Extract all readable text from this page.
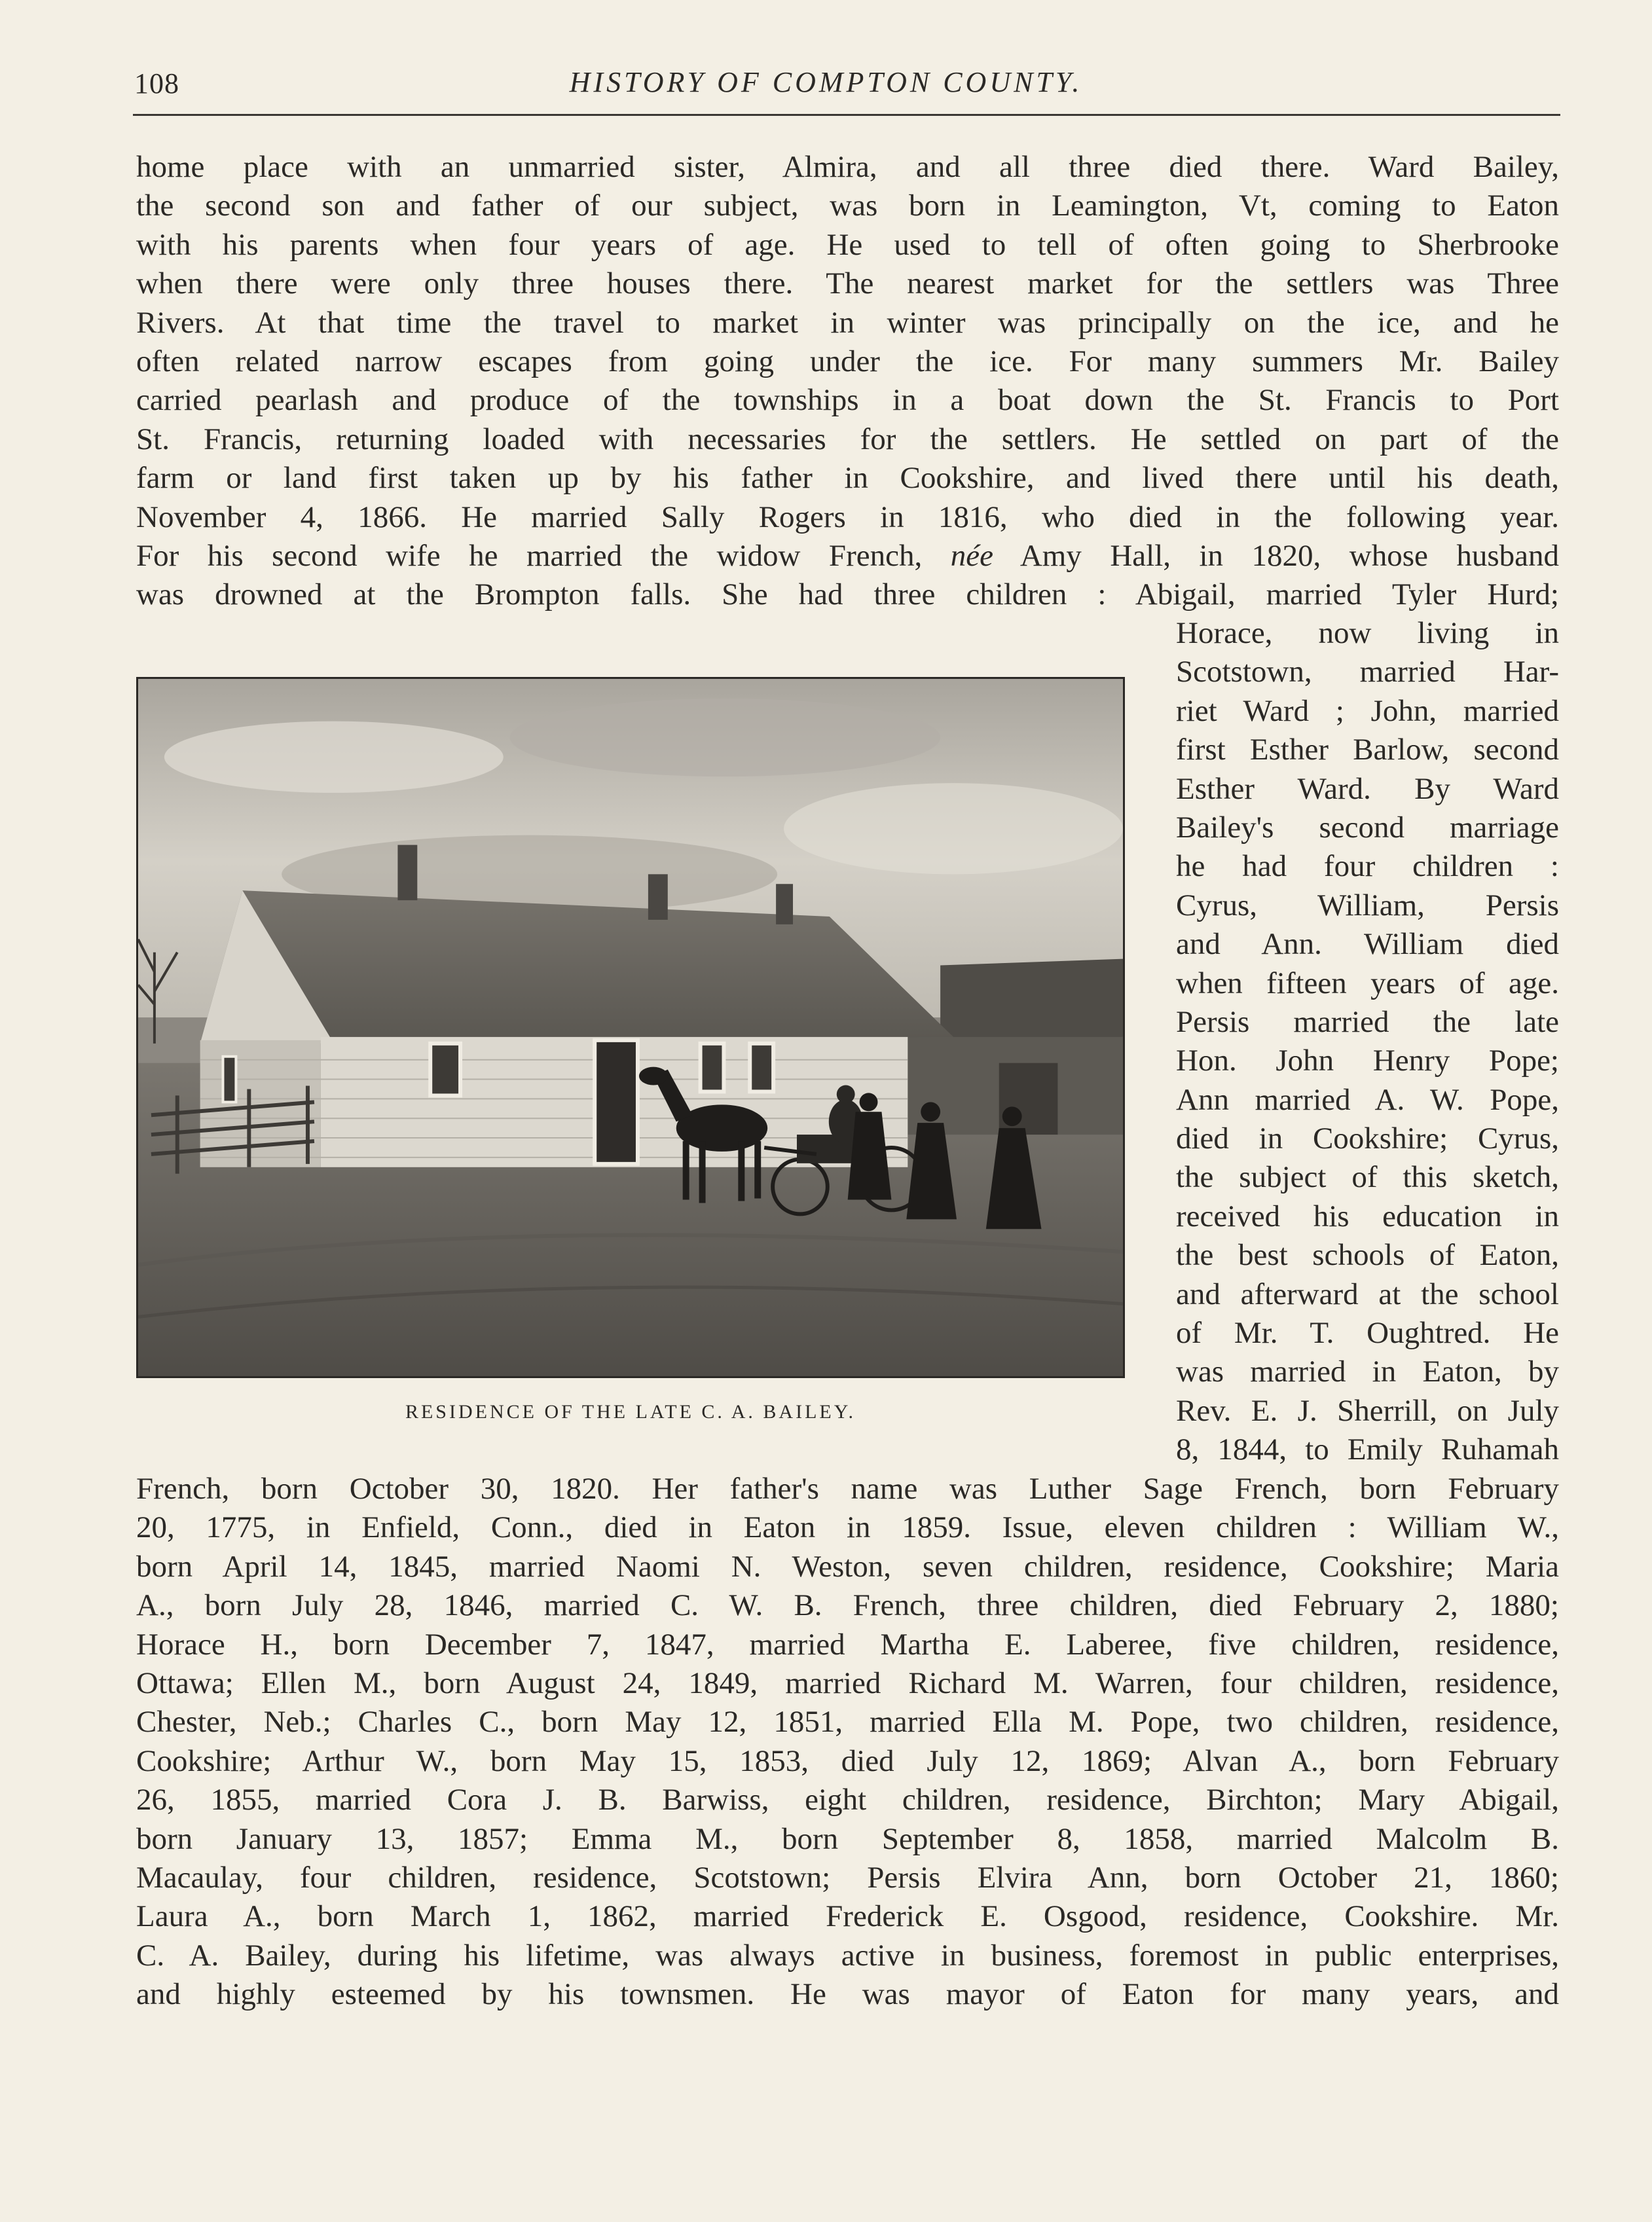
108	HISTORY OF COMPTON COUNTY.
home place with an unmarried sister, Almira, and all three died there. Ward Bailey,
the second son and father of our subject, was born in Leamington, Vt, coming to Eaton
with his parents when four years of age. He used to tell of often going to Sherbrooke
when there were only three houses there. The nearest market for the settlers was Three
Rivers. At that time the travel to market in winter was principally on the ice, and he
often related narrow escapes from going under the ice. For many summers Mr. Bailey
carried pearlash and produce of the townships in a boat down the St. Francis to Port
St. Francis, returning loaded with necessaries for the settlers. He settled on part of the
farm or land first taken up by his father in Cookshire, and lived there until his death,
November 4, 1866. He married Sally Rogers in 1816, who died in the following year.
For his second wife he married the widow French, née Amy Hall, in 1820, whose husband
was drowned at the Brompton falls. She had three children : Abigail, married Tyler Hurd;
Horace, now living in
Scotstown, married Har-
riet Ward ; John, married
first Esther Barlow, second
Esther Ward. By Ward
Bailey's second marriage
he had four children :
Cyrus, William, Persis
and Ann. William died
when fifteen years of age.
Persis married the late
Hon. John Henry Pope;
Ann married A. W. Pope,
died in Cookshire; Cyrus,
the subject of this sketch,
received his education in
the best schools of Eaton,
and afterward at the school
of Mr. T. Oughtred. He
was married in Eaton, by
Rev. E. J. Sherrill, on July
8, 1844, to Emily Ruhamah
RESIDENCE OF THE LATE C. A. BAILEY.
French, born October 30, 1820. Her father's name was Luther Sage French, born February
20, 1775, in Enfield, Conn., died in Eaton in 1859. Issue, eleven children : William W.,
born April 14, 1845, married Naomi N. Weston, seven children, residence, Cookshire; Maria
A., born July 28, 1846, married C. W. B. French, three children, died February 2, 1880;
Horace H., born December 7, 1847, married Martha E. Laberee, five children, residence,
Ottawa; Ellen M., born August 24, 1849, married Richard M. Warren, four children, residence,
Chester, Neb.; Charles C., born May 12, 1851, married Ella M. Pope, two children, residence,
Cookshire; Arthur W., born May 15, 1853, died July 12, 1869; Alvan A., born February
26, 1855, married Cora J. B. Barwiss, eight children, residence, Birchton; Mary Abigail,
born January 13, 1857; Emma M., born September 8, 1858, married Malcolm B.
Macaulay, four children, residence, Scotstown; Persis Elvira Ann, born October 21, 1860;
Laura A., born March 1, 1862, married Frederick E. Osgood, residence, Cookshire. Mr.
C. A. Bailey, during his lifetime, was always active in business, foremost in public enterprises,
and highly esteemed by his townsmen. He was mayor of Eaton for many years, and
